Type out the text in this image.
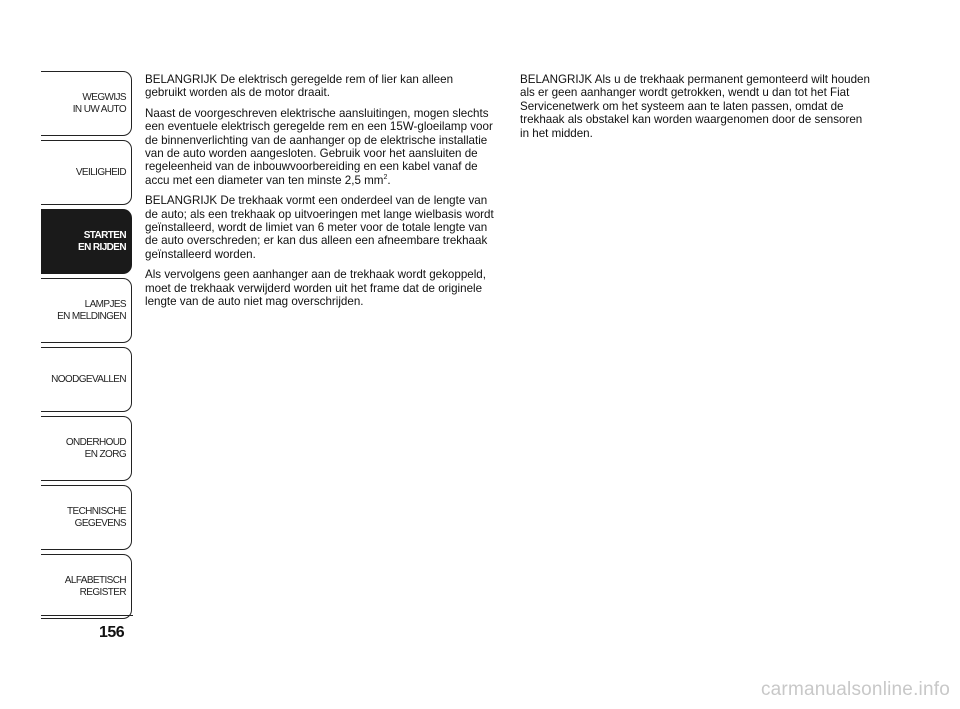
WEGWIJS
IN UW AUTO
VEILIGHEID
STARTEN
EN RIJDEN
LAMPJES
EN MELDINGEN
NOODGEVALLEN
ONDERHOUD
EN ZORG
TECHNISCHE
GEGEVENS
ALFABETISCH
REGISTER
156

BELANGRIJK De elektrisch geregelde rem of lier kan alleen gebruikt worden als de motor draait.

Naast de voorgeschreven elektrische aansluitingen, mogen slechts een eventuele elektrisch geregelde rem en een 15W-gloeilamp voor de binnenverlichting van de aanhanger op de elektrische installatie van de auto worden aangesloten. Gebruik voor het aansluiten de regeleenheid van de inbouwvoorbereiding en een kabel vanaf de accu met een diameter van ten minste 2,5 $mm^2$.

BELANGRIJK De trekhaak vormt een onderdeel van de lengte van de auto; als een trekhaak op uitvoeringen met lange wielbasis wordt geïnstalleerd, wordt de limiet van 6 meter voor de totale lengte van de auto overschreden; er kan dus alleen een afneembare trekhaak geïnstalleerd worden.

Als vervolgens geen aanhanger aan de trekhaak wordt gekoppeld, moet de trekhaak verwijderd worden uit het frame dat de originele lengte van de auto niet mag overschrijden.

BELANGRIJK Als u de trekhaak permanent gemonteerd wilt houden als er geen aanhanger wordt getrokken, wendt u dan tot het Fiat Servicenetwerk om het systeem aan te laten passen, omdat de trekhaak als obstakel kan worden waargenomen door de sensoren in het midden.

carmanualsonline.info
